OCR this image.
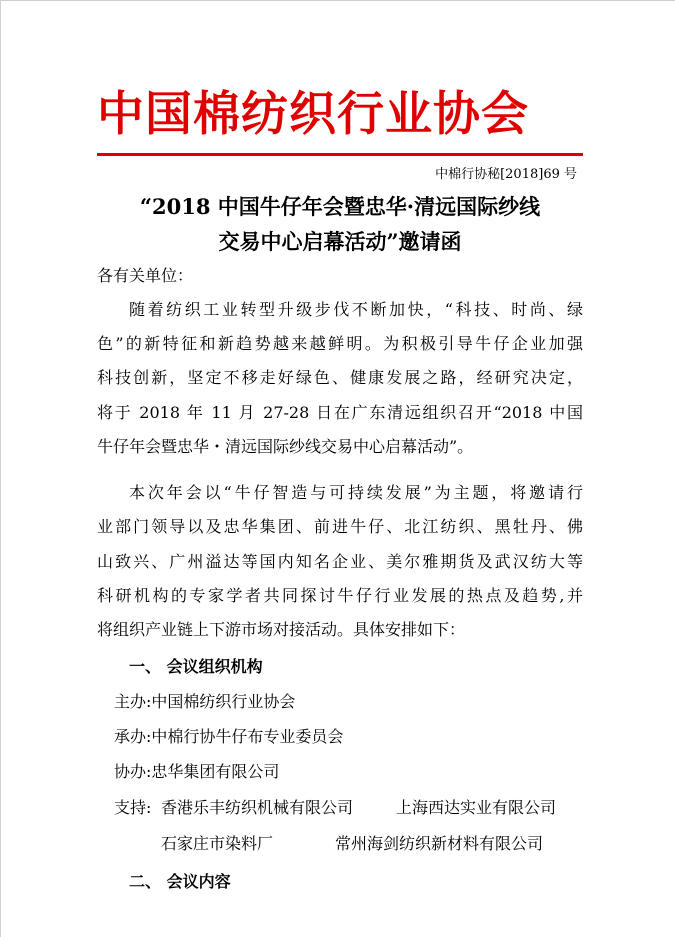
中国棉纺织行业协会
中棉行协秘[2018]69 号
“2018 中国牛仔年会暨忠华·清远国际纱线
交易中心启幕活动”邀请函
各有关单位：
随着纺织工业转型升级步伐不断加快，“科技、时尚、绿
色”的新特征和新趋势越来越鲜明。为积极引导牛仔企业加强
科技创新，坚定不移走好绿色、健康发展之路，经研究决定，
将于 2018 年 11 月 27-28 日在广东清远组织召开“2018 中国
牛仔年会暨忠华・清远国际纱线交易中心启幕活动”。
本次年会以“牛仔智造与可持续发展”为主题，将邀请行
业部门领导以及忠华集团、前进牛仔、北江纺织、黑牡丹、佛
山致兴、广州溢达等国内知名企业、美尔雅期货及武汉纺大等
科研机构的专家学者共同探讨牛仔行业发展的热点及趋势,并
将组织产业链上下游市场对接活动。具体安排如下：
一、 会议组织机构
主办:中国棉纺织行业协会
承办:中棉行协牛仔布专业委员会
协办:忠华集团有限公司
支持: 香港乐丰纺织机械有限公司	上海西达实业有限公司
石家庄市染料厂	常州海剑纺织新材料有限公司
二、 会议内容
